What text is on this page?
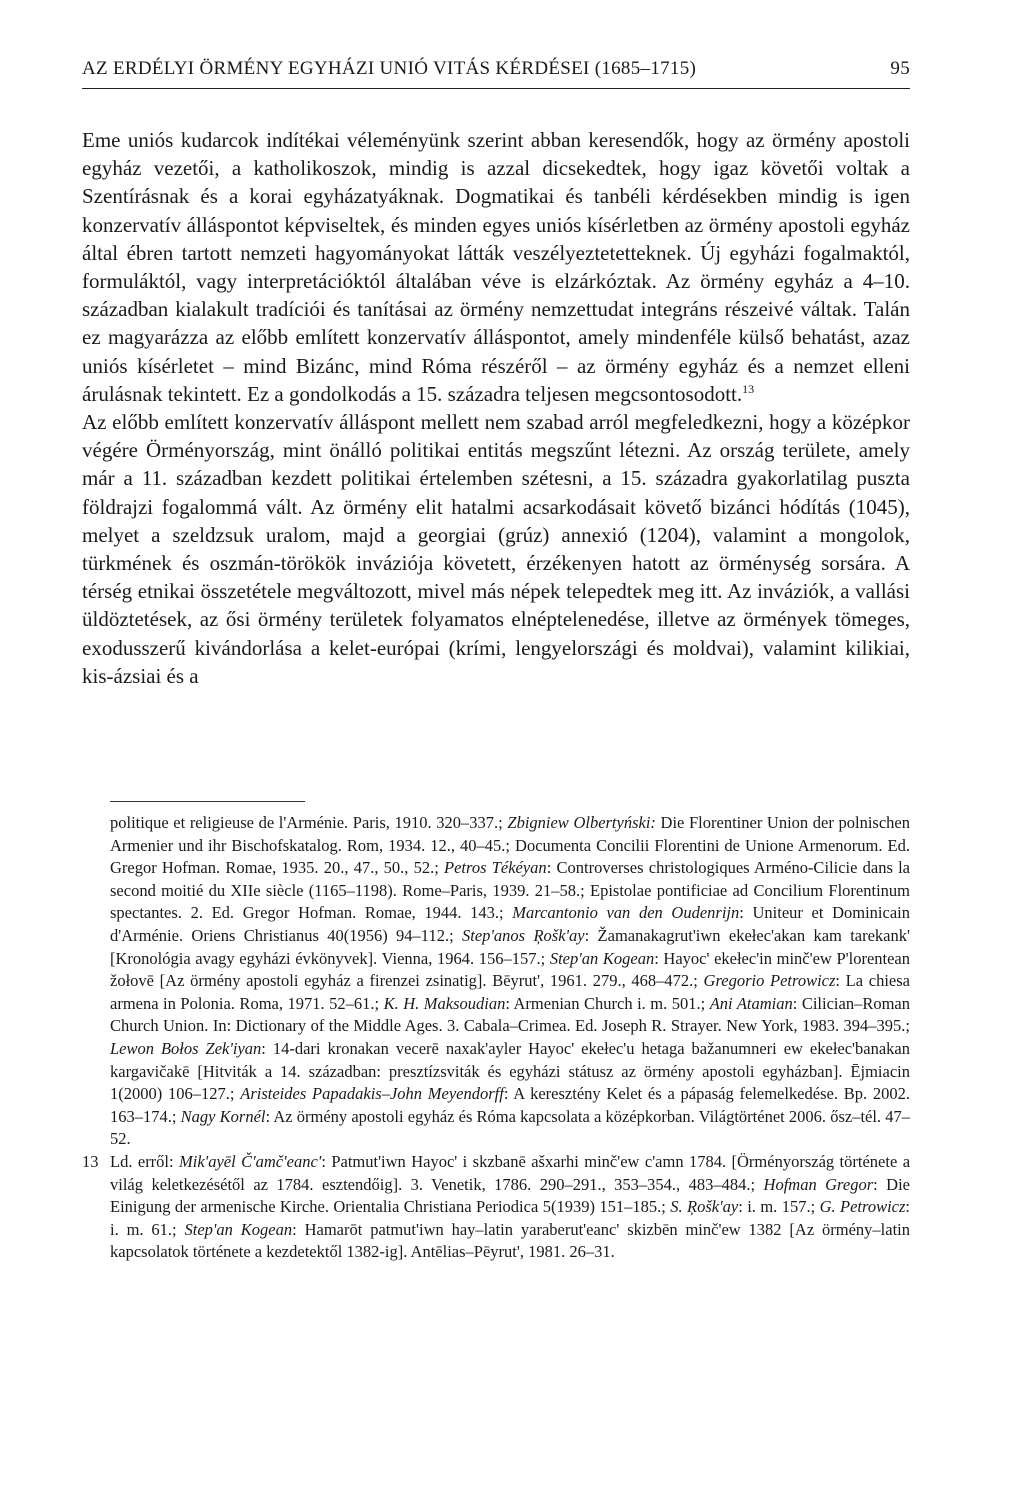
AZ ERDÉLYI ÖRMÉNY EGYHÁZI UNIÓ VITÁS KÉRDÉSEI (1685–1715)	95

Eme uniós kudarcok indítékai véleményünk szerint abban keresendők, hogy az örmény apostoli egyház vezetői, a katholikoszok, mindig is azzal dicsekedtek, hogy igaz követői voltak a Szentírásnak és a korai egyházatyáknak. Dogmatikai és tanbéli kérdésekben mindig is igen konzervatív álláspontot képviseltek, és minden egyes uniós kísérletben az örmény apostoli egyház által ébren tartott nemzeti hagyományokat látták veszélyeztetetteknek. Új egyházi fogalmaktól, formuláktól, vagy interpretációktól általában véve is elzárkóztak. Az örmény egyház a 4–10. században kialakult tradíciói és tanításai az örmény nemzettudat integráns részeivé váltak. Talán ez magyarázza az előbb említett konzervatív álláspontot, amely mindenféle külső behatást, azaz uniós kísérletet – mind Bizánc, mind Róma részéről – az örmény egyház és a nemzet elleni árulásnak tekintett. Ez a gondolkodás a 15. századra teljesen megcsontosodott.$^{13}$

Az előbb említett konzervatív álláspont mellett nem szabad arról megfeledkezni, hogy a középkor végére Örményország, mint önálló politikai entitás megszűnt létezni. Az ország területe, amely már a 11. században kezdett politikai értelemben szétesni, a 15. századra gyakorlatilag puszta földrajzi fogalommá vált. Az örmény elit hatalmi acsarkodásait követő bizánci hódítás (1045), melyet a szeldzsuk uralom, majd a georgiai (grúz) annexió (1204), valamint a mongolok, türkmének és oszmán-törökök inváziója követett, érzékenyen hatott az örménység sorsára. A térség etnikai összetétele megváltozott, mivel más népek telepedtek meg itt. Az inváziók, a vallási üldöztetések, az ősi örmény területek folyamatos elnéptelenedése, illetve az örmények tömeges, exodusszerű kivándorlása a kelet-európai (krími, lengyelországi és moldvai), valamint kilikiai, kis-ázsiai és a

politique et religieuse de l'Arménie. Paris, 1910. 320–337.; Zbigniew Olbertyński: Die Florentiner Union der polnischen Armenier und ihr Bischofskatalog. Rom, 1934. 12., 40–45.; Documenta Concilii Florentini de Unione Armenorum. Ed. Gregor Hofman. Romae, 1935. 20., 47., 50., 52.; Petros Tékéyan: Controverses christologiques Arméno-Cilicie dans la second moitié du XIIe siècle (1165–1198). Rome–Paris, 1939. 21–58.; Epistolae pontificiae ad Concilium Florentinum spectantes. 2. Ed. Gregor Hofman. Romae, 1944. 143.; Marcantonio van den Oudenrijn: Uniteur et Dominicain d'Arménie. Oriens Christianus 40(1956) 94–112.; Step'anos Ŗošk'ay: Žamanakagrut'iwn ekełec'akan kam tarekank' [Kronológia avagy egyházi évkönyvek]. Vienna, 1964. 156–157.; Step'an Kogean: Hayoc' ekełec'in minč'ew P'lorentean žołovē [Az örmény apostoli egyház a firenzei zsinatig]. Bēyrut', 1961. 279., 468–472.; Gregorio Petrowicz: La chiesa armena in Polonia. Roma, 1971. 52–61.; K. H. Maksoudian: Armenian Church i. m. 501.; Ani Atamian: Cilician–Roman Church Union. In: Dictionary of the Middle Ages. 3. Cabala–Crimea. Ed. Joseph R. Strayer. New York, 1983. 394–395.; Lewon Bołos Zek'iyan: 14-dari kronakan vecerē naxak'ayler Hayoc' ekełec'u hetaga bažanumneri ew ekełec'banakan kargavičakē [Hitviták a 14. században: presztízsviták és egyházi státusz az örmény apostoli egyházban]. Ējmiacin 1(2000) 106–127.; Aristeides Papadakis–John Meyendorff: A keresztény Kelet és a pápaság felemelkedése. Bp. 2002. 163–174.; Nagy Kornél: Az örmény apostoli egyház és Róma kapcsolata a középkorban. Világtörténet 2006. ősz–tél. 47–52.

13 Ld. erről: Mik'ayēl Č'amč'eanc': Patmut'iwn Hayoc' i skzbanē ašxarhi minč'ew c'amn 1784. [Örményország története a világ keletkezésétől az 1784. esztendőig]. 3. Venetik, 1786. 290–291., 353–354., 483–484.; Hofman Gregor: Die Einigung der armenische Kirche. Orientalia Christiana Periodica 5(1939) 151–185.; S. Ŗošk'ay: i. m. 157.; G. Petrowicz: i. m. 61.; Step'an Kogean: Hamarōt patmut'iwn hay–latin yaraberut'eanc' skizbēn minč'ew 1382 [Az örmény–latin kapcsolatok története a kezdetektől 1382-ig]. Antēlias–Pēyrut', 1981. 26–31.
